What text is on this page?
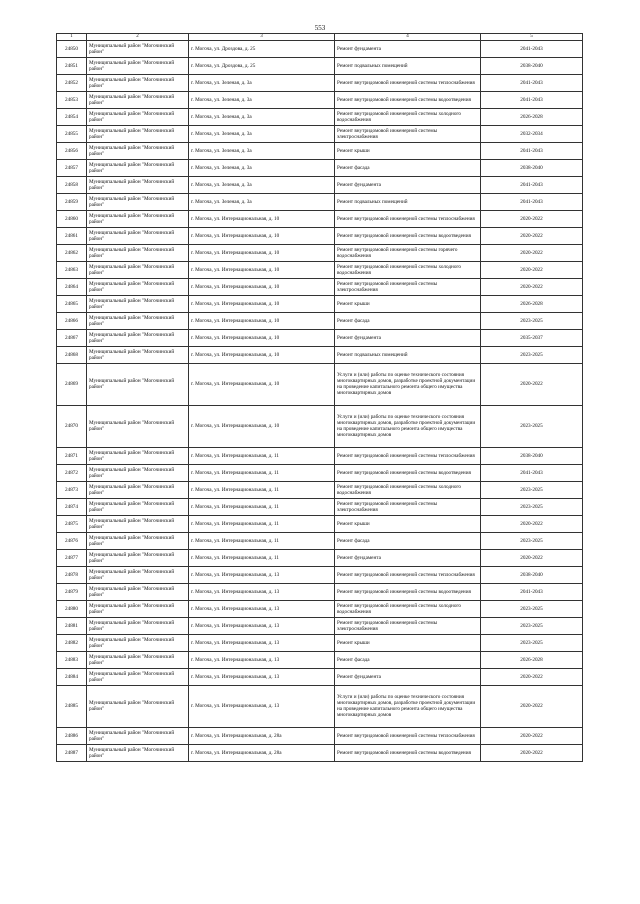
553
1	2	3	4	5
24850	Муниципальный район "Могочинский район"	г. Могоча, ул. Дроздова, д. 25	Ремонт фундамента	2041-2043
24851	Муниципальный район "Могочинский район"	г. Могоча, ул. Дроздова, д. 25	Ремонт подвальных помещений	2038-2040
24852	Муниципальный район "Могочинский район"	г. Могоча, ул. Зеленая, д. 3а	Ремонт внутридомовой инженерной системы теплоснабжения	2041-2043
24853	Муниципальный район "Могочинский район"	г. Могоча, ул. Зеленая, д. 3а	Ремонт внутридомовой инженерной системы водоотведения	2041-2043
24854	Муниципальный район "Могочинский район"	г. Могоча, ул. Зеленая, д. 3а	Ремонт внутридомовой инженерной системы холодного водоснабжения	2026-2028
24855	Муниципальный район "Могочинский район"	г. Могоча, ул. Зеленая, д. 3а	Ремонт внутридомовой инженерной системы электроснабжения	2032-2034
24856	Муниципальный район "Могочинский район"	г. Могоча, ул. Зеленая, д. 3а	Ремонт крыши	2041-2043
24857	Муниципальный район "Могочинский район"	г. Могоча, ул. Зеленая, д. 3а	Ремонт фасада	2038-2040
24858	Муниципальный район "Могочинский район"	г. Могоча, ул. Зеленая, д. 3а	Ремонт фундамента	2041-2043
24859	Муниципальный район "Могочинский район"	г. Могоча, ул. Зеленая, д. 3а	Ремонт подвальных помещений	2041-2043
24860	Муниципальный район "Могочинский район"	г. Могоча, ул. Интернациональная, д. 10	Ремонт внутридомовой инженерной системы теплоснабжения	2020-2022
24861	Муниципальный район "Могочинский район"	г. Могоча, ул. Интернациональная, д. 10	Ремонт внутридомовой инженерной системы водоотведения	2020-2022
24862	Муниципальный район "Могочинский район"	г. Могоча, ул. Интернациональная, д. 10	Ремонт внутридомовой инженерной системы горячего водоснабжения	2020-2022
24863	Муниципальный район "Могочинский район"	г. Могоча, ул. Интернациональная, д. 10	Ремонт внутридомовой инженерной системы холодного водоснабжения	2020-2022
24864	Муниципальный район "Могочинский район"	г. Могоча, ул. Интернациональная, д. 10	Ремонт внутридомовой инженерной системы электроснабжения	2020-2022
24865	Муниципальный район "Могочинский район"	г. Могоча, ул. Интернациональная, д. 10	Ремонт крыши	2026-2028
24866	Муниципальный район "Могочинский район"	г. Могоча, ул. Интернациональная, д. 10	Ремонт фасада	2023-2025
24867	Муниципальный район "Могочинский район"	г. Могоча, ул. Интернациональная, д. 10	Ремонт фундамента	2035-2037
24868	Муниципальный район "Могочинский район"	г. Могоча, ул. Интернациональная, д. 10	Ремонт подвальных помещений	2023-2025
24869	Муниципальный район "Могочинский район"	г. Могоча, ул. Интернациональная, д. 10	Услуги и (или) работы по оценке технического состояния многоквартирных домов, разработке проектной документации на проведение капитального ремонта общего имущества многоквартирных домов	2020-2022
24870	Муниципальный район "Могочинский район"	г. Могоча, ул. Интернациональная, д. 10	Услуги и (или) работы по оценке технического состояния многоквартирных домов, разработке проектной документации на проведение капитального ремонта общего имущества многоквартирных домов	2023-2025
24871	Муниципальный район "Могочинский район"	г. Могоча, ул. Интернациональная, д. 11	Ремонт внутридомовой инженерной системы теплоснабжения	2038-2040
24872	Муниципальный район "Могочинский район"	г. Могоча, ул. Интернациональная, д. 11	Ремонт внутридомовой инженерной системы водоотведения	2041-2043
24873	Муниципальный район "Могочинский район"	г. Могоча, ул. Интернациональная, д. 11	Ремонт внутридомовой инженерной системы холодного водоснабжения	2023-2025
24874	Муниципальный район "Могочинский район"	г. Могоча, ул. Интернациональная, д. 11	Ремонт внутридомовой инженерной системы электроснабжения	2023-2025
24875	Муниципальный район "Могочинский район"	г. Могоча, ул. Интернациональная, д. 11	Ремонт крыши	2020-2022
24876	Муниципальный район "Могочинский район"	г. Могоча, ул. Интернациональная, д. 11	Ремонт фасада	2023-2025
24877	Муниципальный район "Могочинский район"	г. Могоча, ул. Интернациональная, д. 11	Ремонт фундамента	2020-2022
24878	Муниципальный район "Могочинский район"	г. Могоча, ул. Интернациональная, д. 13	Ремонт внутридомовой инженерной системы теплоснабжения	2038-2040
24879	Муниципальный район "Могочинский район"	г. Могоча, ул. Интернациональная, д. 13	Ремонт внутридомовой инженерной системы водоотведения	2041-2043
24880	Муниципальный район "Могочинский район"	г. Могоча, ул. Интернациональная, д. 13	Ремонт внутридомовой инженерной системы холодного водоснабжения	2023-2025
24881	Муниципальный район "Могочинский район"	г. Могоча, ул. Интернациональная, д. 13	Ремонт внутридомовой инженерной системы электроснабжения	2023-2025
24882	Муниципальный район "Могочинский район"	г. Могоча, ул. Интернациональная, д. 13	Ремонт крыши	2023-2025
24883	Муниципальный район "Могочинский район"	г. Могоча, ул. Интернациональная, д. 13	Ремонт фасада	2026-2028
24884	Муниципальный район "Могочинский район"	г. Могоча, ул. Интернациональная, д. 13	Ремонт фундамента	2020-2022
24885	Муниципальный район "Могочинский район"	г. Могоча, ул. Интернациональная, д. 13	Услуги и (или) работы по оценке технического состояния многоквартирных домов, разработке проектной документации на проведение капитального ремонта общего имущества многоквартирных домов	2020-2022
24886	Муниципальный район "Могочинский район"	г. Могоча, ул. Интернациональная, д. 28а	Ремонт внутридомовой инженерной системы теплоснабжения	2020-2022
24887	Муниципальный район "Могочинский район"	г. Могоча, ул. Интернациональная, д. 28а	Ремонт внутридомовой инженерной системы водоотведения	2020-2022
